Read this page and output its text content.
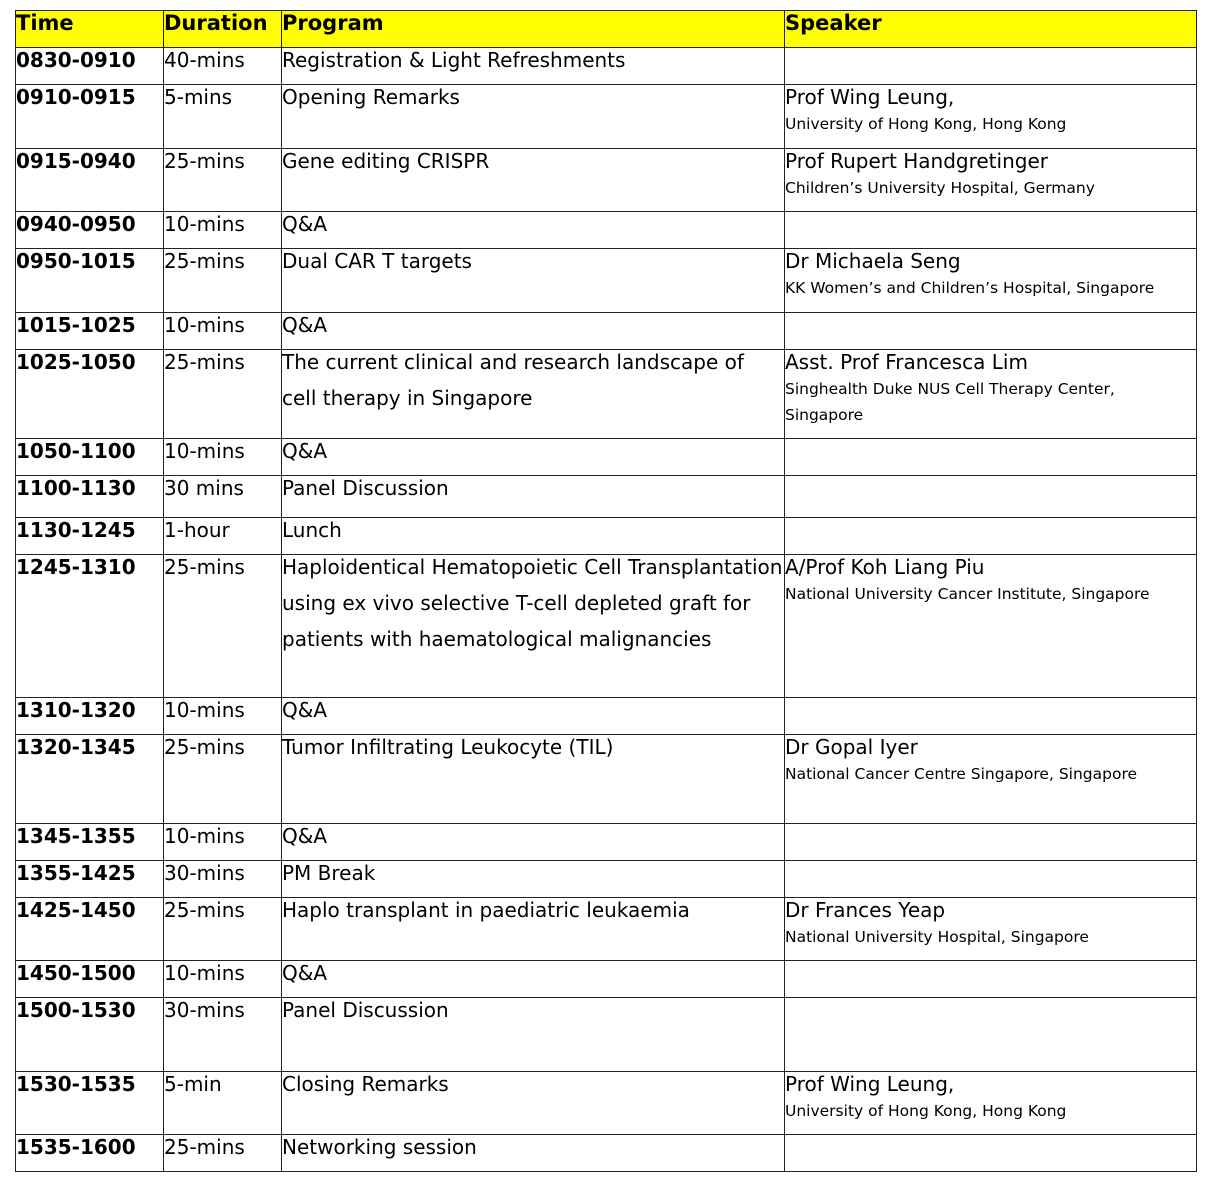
Time	Duration	Program	Speaker
0830-0910	40-mins	Registration & Light Refreshments	

0910-0915	5-mins	Opening Remarks	Prof Wing Leung,
University of Hong Kong, Hong Kong

0915-0940	25-mins	Gene editing CRISPR	Prof Rupert Handgretinger
Children’s University Hospital, Germany

0940-0950	10-mins	Q&A	

0950-1015	25-mins	Dual CAR T targets	Dr Michaela Seng
KK Women’s and Children’s Hospital, Singapore

1015-1025	10-mins	Q&A	

1025-1050	25-mins	The current clinical and research landscape of cell therapy in Singapore	Asst. Prof Francesca Lim
Singhealth Duke NUS Cell Therapy Center, Singapore

1050-1100	10-mins	Q&A	

1100-1130	30 mins	Panel Discussion	

1130-1245	1-hour	Lunch	

1245-1310	25-mins	Haploidentical Hematopoietic Cell Transplantation using ex vivo selective T-cell depleted graft for patients with haematological malignancies	A/Prof Koh Liang Piu
National University Cancer Institute, Singapore

1310-1320	10-mins	Q&A	

1320-1345	25-mins	Tumor Infiltrating Leukocyte (TIL)	Dr Gopal Iyer
National Cancer Centre Singapore, Singapore

1345-1355	10-mins	Q&A	

1355-1425	30-mins	PM Break	

1425-1450	25-mins	Haplo transplant in paediatric leukaemia	Dr Frances Yeap
National University Hospital, Singapore

1450-1500	10-mins	Q&A	

1500-1530	30-mins	Panel Discussion	

1530-1535	5-min	Closing Remarks	Prof Wing Leung,
University of Hong Kong, Hong Kong

1535-1600	25-mins	Networking session	
